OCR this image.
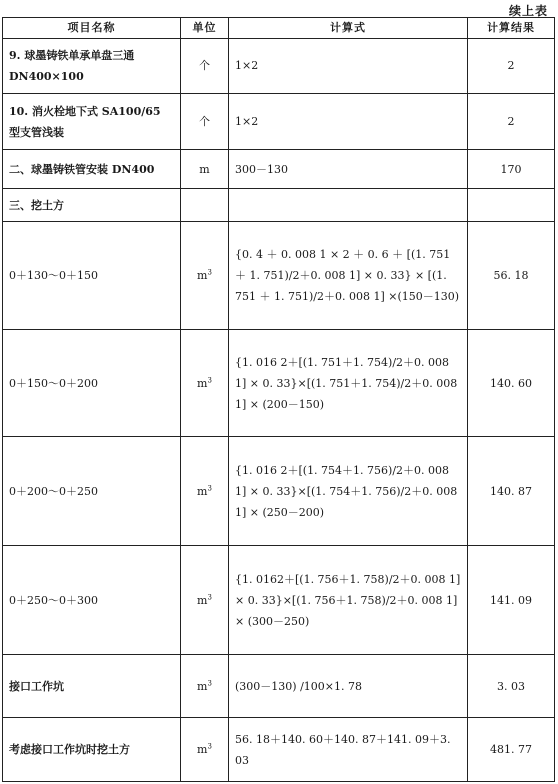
续上表
项目名称	单位	计算式	计算结果
9. 球墨铸铁单承单盘三通 DN400×100	个	1×2	2
10. 消火栓地下式 SA100/65 型支管浅装	个	1×2	2
二、球墨铸铁管安装 DN400	m	300－130	170
三、挖土方			
0＋130～0＋150	$m^3$	{0. 4 ＋ 0. 008 1 × 2 ＋ 0. 6 ＋ [(1. 751 ＋ 1. 751)/2＋0. 008 1] × 0. 33} × [(1. 751 ＋ 1. 751)/2＋0. 008 1] ×(150－130)	56. 18
0＋150～0＋200	$m^3$	{1. 016 2＋[(1. 751＋1. 754)/2＋0. 008 1] × 0. 33}×[(1. 751＋1. 754)/2＋0. 008 1] × (200－150)	140. 60
0＋200～0＋250	$m^3$	{1. 016 2＋[(1. 754＋1. 756)/2＋0. 008 1] × 0. 33}×[(1. 754＋1. 756)/2＋0. 008 1] × (250－200)	140. 87
0＋250～0＋300	$m^3$	{1. 0162＋[(1. 756＋1. 758)/2＋0. 008 1] × 0. 33}×[(1. 756＋1. 758)/2＋0. 008 1] × (300－250)	141. 09
接口工作坑	$m^3$	(300－130) /100×1. 78	3. 03
考虑接口工作坑时挖土方	$m^3$	56. 18＋140. 60＋140. 87＋141. 09＋3. 03	481. 77
